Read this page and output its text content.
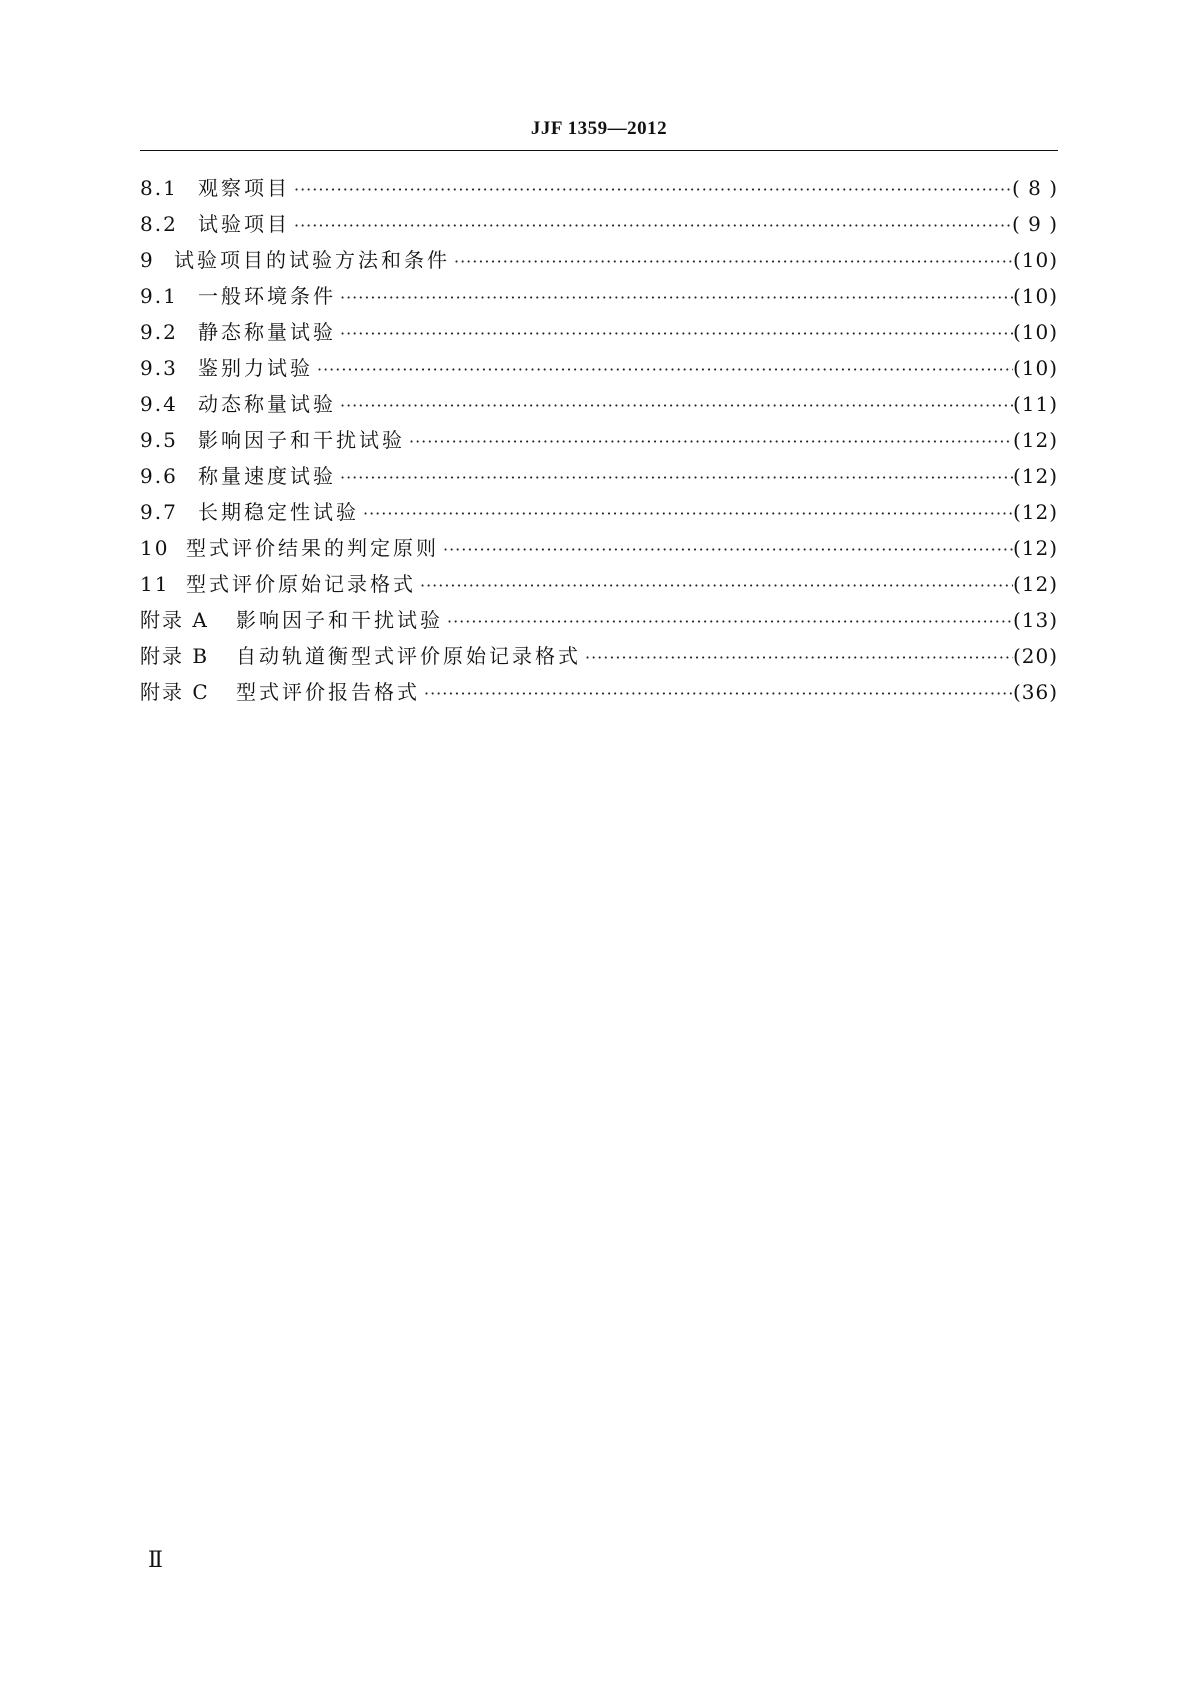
JJF 1359—2012
8.1	观察项目 ·····	( 8 )
8.2	试验项目 ·····	( 9 )
9 试验项目的试验方法和条件 ·····	(10)
9.1	一般环境条件 ·····	(10)
9.2	静态称量试验 ·····	(10)
9.3	鉴别力试验 ·····	(10)
9.4	动态称量试验 ·····	(11)
9.5	影响因子和干扰试验 ·····	(12)
9.6	称量速度试验 ·····	(12)
9.7	长期稳定性试验 ·····	(12)
10 型式评价结果的判定原则 ·····	(12)
11 型式评价原始记录格式 ·····	(12)
附录 A	影响因子和干扰试验 ·····	(13)
附录 B	自动轨道衡型式评价原始记录格式 ·····	(20)
附录 C	型式评价报告格式 ·····	(36)
Ⅱ
